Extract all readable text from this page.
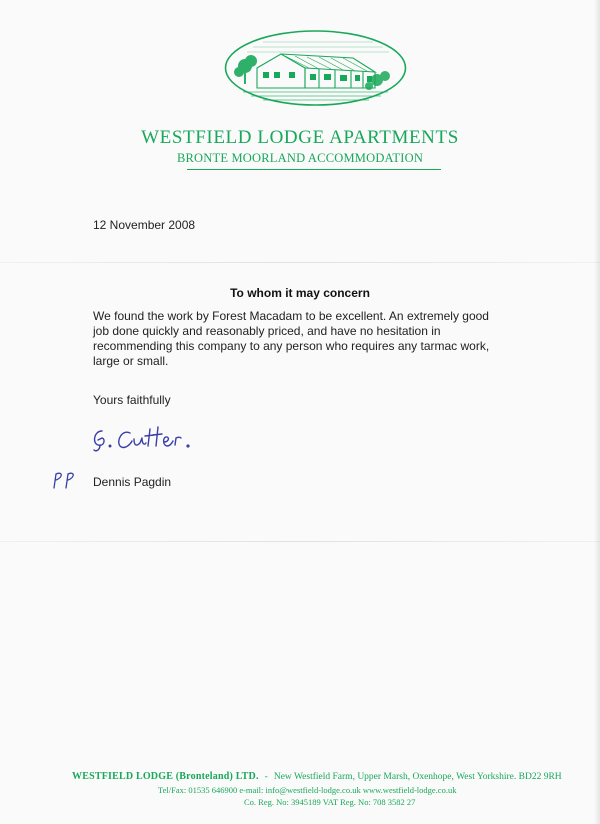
WESTFIELD LODGE APARTMENTS
BRONTE MOORLAND ACCOMMODATION
12 November 2008
To whom it may concern
We found the work by Forest Macadam to be excellent. An extremely good job done quickly and reasonably priced, and have no hesitation in recommending this company to any person who requires any tarmac work, large or small.
Yours faithfully
Dennis Pagdin
WESTFIELD LODGE (Bronteland) LTD. - New Westfield Farm, Upper Marsh, Oxenhope, West Yorkshire. BD22 9RH
Tel/Fax: 01535 646900 e-mail: info@westfield-lodge.co.uk www.westfield-lodge.co.uk
Co. Reg. No: 3945189 VAT Reg. No: 708 3582 27
